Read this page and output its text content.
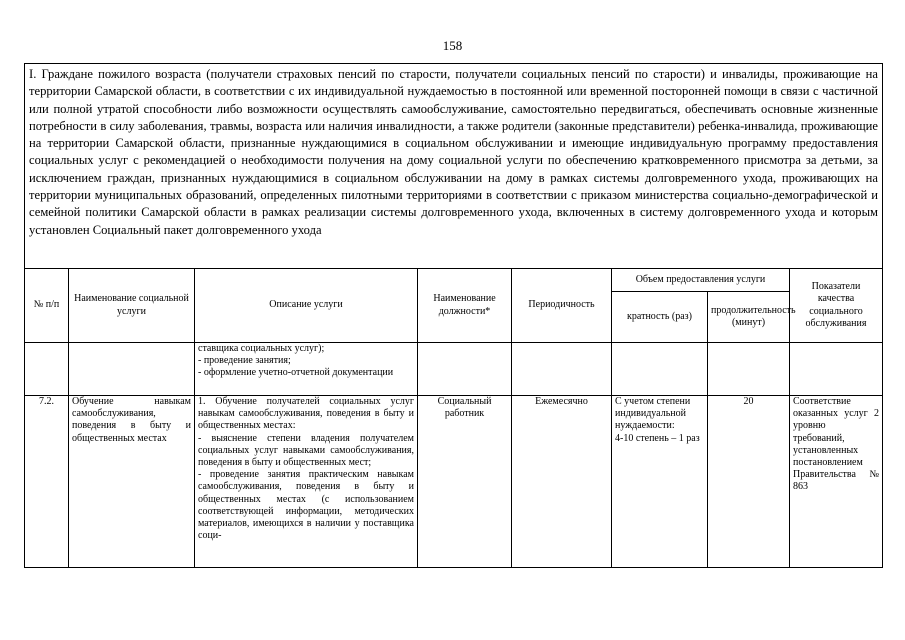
158
I. Граждане пожилого возраста (получатели страховых пенсий по старости, получатели социальных пенсий по старости) и инвалиды, проживающие на территории Самарской области, в соответствии с их индивидуальной нуждаемостью в постоянной или временной посторонней помощи в связи с частичной или полной утратой способности либо возможности осуществлять самообслуживание, самостоятельно передвигаться, обеспечивать основные жизненные потребности в силу заболевания, травмы, возраста или наличия инвалидности, а также родители (законные представители) ребенка-инвалида, проживающие на территории Самарской области, признанные нуждающимися в социальном обслуживании и имеющие индивидуальную программу предоставления социальных услуг с рекомендацией о необходимости получения на дому социальной услуги по обеспечению кратковременного присмотра за детьми, за исключением граждан, признанных нуждающимися в социальном обслуживании на дому в рамках системы долговременного ухода, проживающих на территории муниципальных образований, определенных пилотными территориями в соответствии с приказом министерства социально-демографической и семейной политики Самарской области в рамках реализации системы долговременного ухода, включенных в систему долговременного ухода и которым установлен Социальный пакет долговременного ухода							
№ п/п	Наименование социальной услуги	Описание услуги	Наименование должности*	Периодичность	Объем предоставления услуги		Показатели качества социального обслуживания
					кратность (раз)	продолжительность (минут)	

		ставщика социальных услуг);
- проведение занятия;
- оформление учетно-отчетной документации					

7.2.	Обучение навыкам самообслуживания, поведения в быту и общественных местах	1. Обучение получателей социальных услуг навыкам самообслуживания, поведения в быту и общественных местах:
- выяснение степени владения получателем социальных услуг навыками самообслуживания, поведения в быту и общественных мест;
- проведение занятия практическим навыкам самообслуживания, поведения в быту и общественных местах (с использованием соответствующей информации, методических материалов, имеющихся в наличии у поставщика соци-	Социальный работник	Ежемесячно	С учетом степени индивидуальной нуждаемости:
4-10 степень – 1 раз	20	Соответствие оказанных услуг 2 уровню требований, установленных постановлением Правительства № 863
